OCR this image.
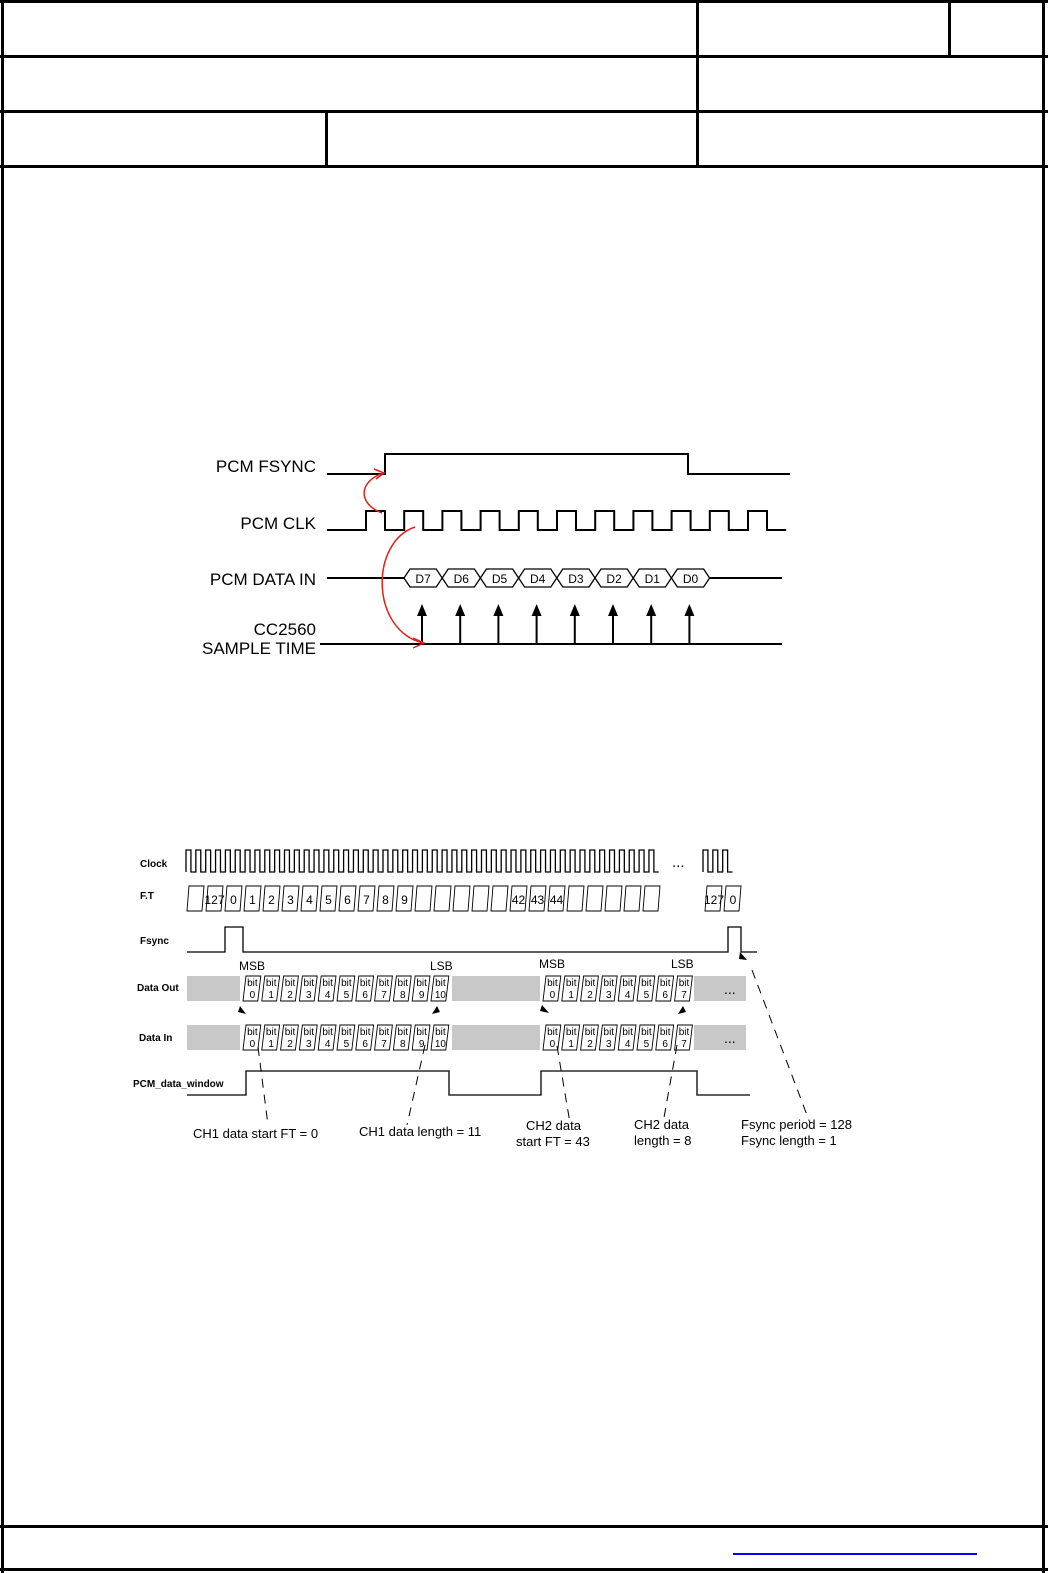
PCM FSYNC
PCM CLK
PCM DATA IN
CC2560
SAMPLE TIME
D7 D6 D5 D4 D3 D2 D1 D0
Clock
F.T
Fsync
Data Out
Data In
PCM_data_window
...
127 0 1 2 3 4 5 6 7 8 9	42 43 44	127 0
...
bit
0
bit
1
bit
2
bit
3
bit
4
bit
5
bit
6
bit
7
bit
8
bit
9
bit
10
bit
0
bit
1
bit
2
bit
3
bit
4
bit
5
bit
6
bit
7
...
bit
0
bit
1
bit
2
bit
3
bit
4
bit
5
bit
6
bit
7
bit
8
bit
9
bit
10
bit
0
bit
1
bit
2
bit
3
bit
4
bit
5
bit
6
bit
7
MSB	LSB	MSB	LSB
CH1 data start FT = 0	CH1 data length = 11	CH2 data
start FT = 43
CH2 data
length = 8
Fsync period = 128
Fsync length = 1
